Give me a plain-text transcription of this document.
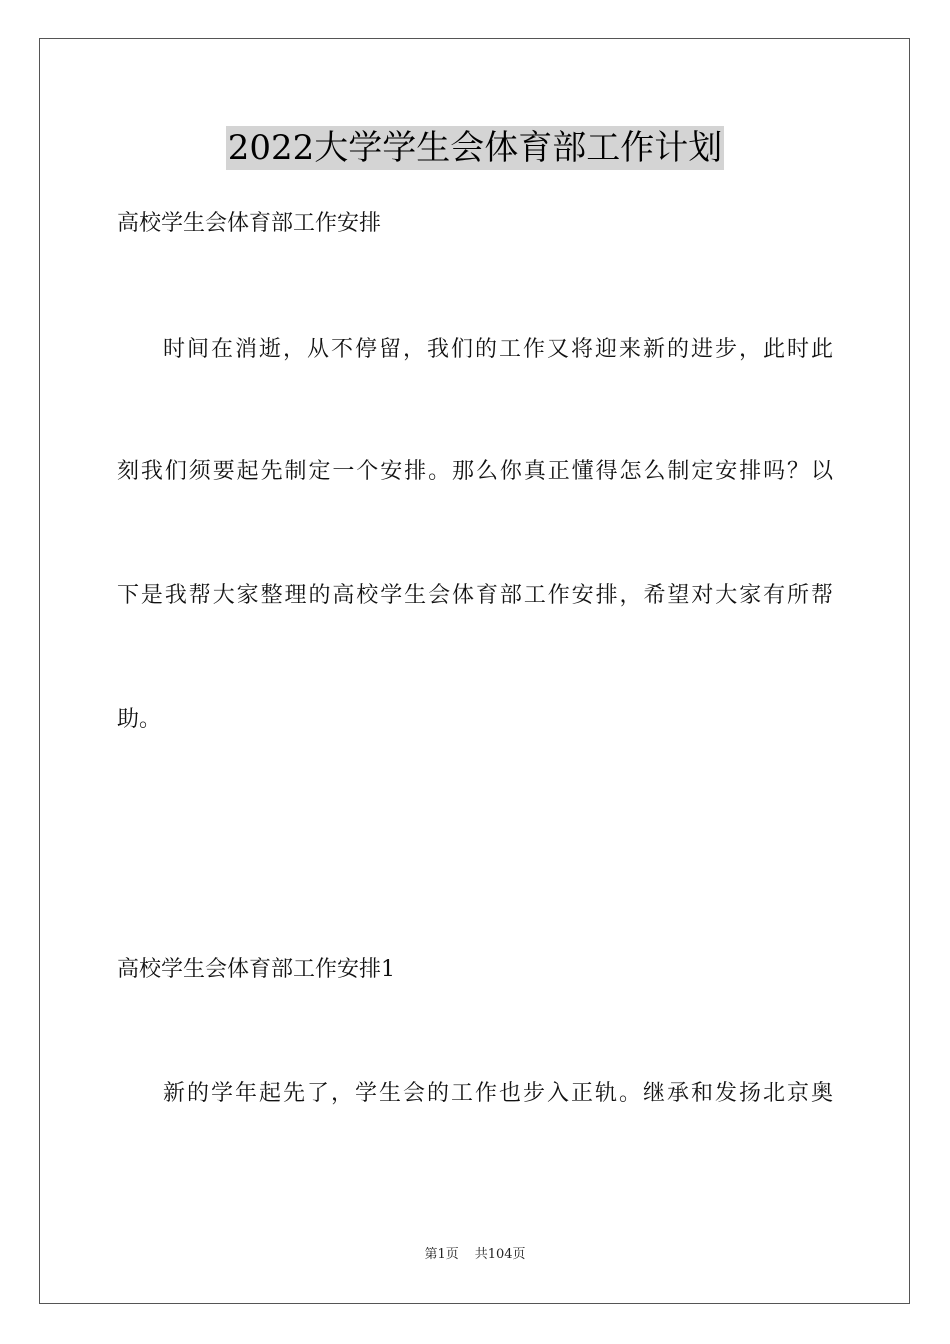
2022大学学生会体育部工作计划
高校学生会体育部工作安排
时间在消逝，从不停留，我们的工作又将迎来新的进步，此时此
刻我们须要起先制定一个安排。那么你真正懂得怎么制定安排吗？以
下是我帮大家整理的高校学生会体育部工作安排，希望对大家有所帮
助。
高校学生会体育部工作安排1
新的学年起先了，学生会的工作也步入正轨。继承和发扬北京奥
第1页 共104页
